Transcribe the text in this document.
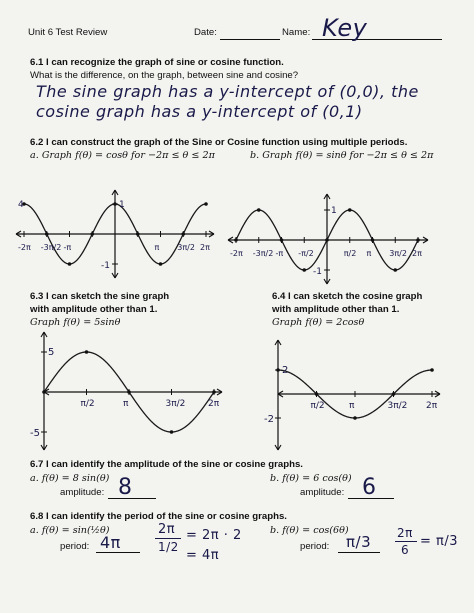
Unit 6 Test Review	Date:	Name: Key
6.1 I can recognize the graph of sine or cosine function.
What is the difference, on the graph, between sine and cosine?
The sine graph has a y-intercept of (0,0), the
cosine graph has a y-intercept of (0,1)
6.2 I can construct the graph of the Sine or Cosine function using multiple periods.
a. Graph f(θ) = cosθ for −2π ≤ θ ≤ 2π	b. Graph f(θ) = sinθ for −2π ≤ θ ≤ 2π
1
-1
-3π/2 -π	π 3π/2 2π
-2π
4
1
-1
-3π/2 -π -π/2	π/2 π 3π/2 2π
-2π
6.3 I can sketch the sine graph
with amplitude other than 1.
Graph f(θ) = 5sinθ
5
-5
π/2	π	3π/2	2π
6.4 I can sketch the cosine graph
with amplitude other than 1.
Graph f(θ) = 2cosθ
2
-2
π/2	π	3π/2 2π
6.7 I can identify the amplitude of the sine or cosine graphs.
a. f(θ) = 8 sin(θ)
amplitude: 8	b. f(θ) = 6 cos(θ)
amplitude: 6
6.8 I can identify the period of the sine or cosine graphs.
a. f(θ) = sin(½θ)
period: 4π
2π
1/2
= 2π · 2
= 4π
b. f(θ) = cos(6θ)
period: π/3 2π
6
= π/3
